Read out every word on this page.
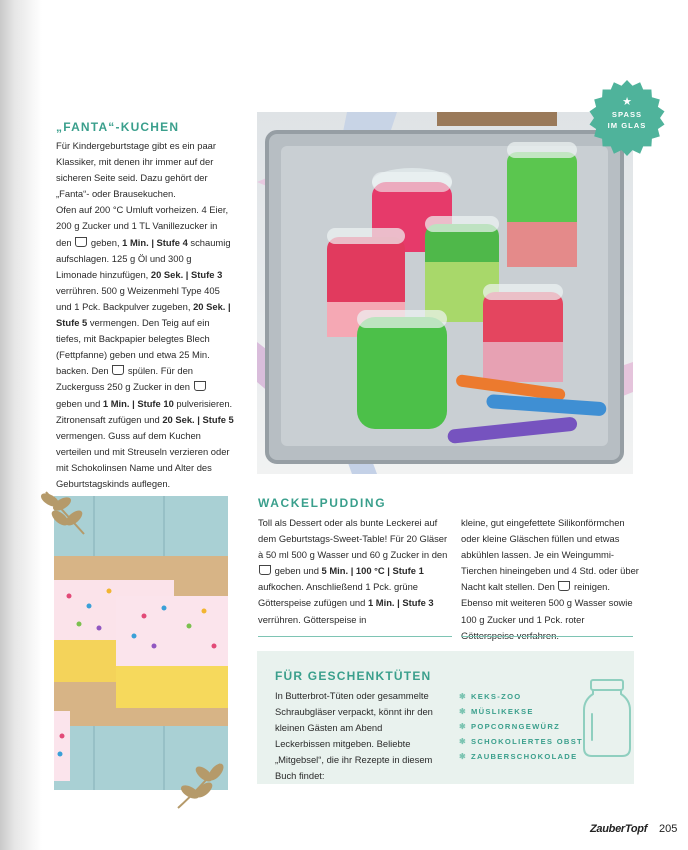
„FANTA“-KUCHEN

Für Kindergeburtstage gibt es ein paar Klassiker, mit denen ihr immer auf der sicheren Seite seid. Dazu gehört der „Fanta“- oder Brausekuchen.

Ofen auf 200 °C Umluft vorheizen. 4 Eier, 200 g Zucker und 1 TL Vanillezucker in den  geben, 1 Min. | Stufe 4 schaumig aufschlagen. 125 g Öl und 300 g Limonade hinzufügen, 20 Sek. | Stufe 3 verrühren. 500 g Weizenmehl Type 405 und 1 Pck. Backpulver zugeben, 20 Sek. | Stufe 5 vermengen. Den Teig auf ein tiefes, mit Backpapier belegtes Blech (Fettpfanne) geben und etwa 25 Min. backen. Den  spülen. Für den Zuckerguss 250 g Zucker in den  geben und 1 Min. | Stufe 10 pulverisieren. Zitronensaft zufügen und 20 Sek. | Stufe 5 vermengen. Guss auf dem Kuchen verteilen und mit Streuseln verzieren oder mit Schokolinsen Name und Alter des Geburtstagskinds auflegen.

★
SPASS
IM GLAS
WACKELPUDDING

Toll als Dessert oder als bunte Leckerei auf dem Geburtstags-Sweet-Table! Für 20 Gläser à 50 ml 500 g Wasser und 60 g Zucker in den  geben und 5 Min. | 100 °C | Stufe 1 aufkochen. Anschließend 1 Pck. grüne Götterspeise zufügen und 1 Min. | Stufe 3 verrühren. Götterspeise in

kleine, gut eingefettete Silikonförmchen oder kleine Gläschen füllen und etwas abkühlen lassen. Je ein Weingummi-Tierchen hineingeben und 4 Std. oder über Nacht kalt stellen. Den  reinigen. Ebenso mit weiteren 500 g Wasser sowie 100 g Zucker und 1 Pck. roter

FÜR GESCHENKTÜTEN

In Butterbrot-Tüten oder gesammelte Schraubgläser verpackt, könnt ihr den kleinen Gästen am Abend Leckerbissen mitgeben. Beliebte „Mitgebsel“, die ihr Rezepte in diesem Buch findet:

✱ KEKS-ZOO
✱ MÜSLIKEKSE
✱ POPCORNGEWÜRZ
✱ SCHOKOLIERTES OBST
✱ ZAUBERSCHOKOLADE
ZauberTopf 205
